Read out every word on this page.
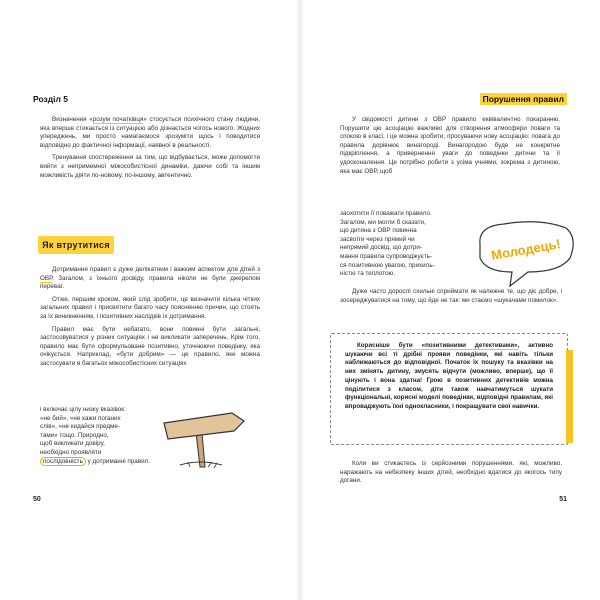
Розділ 5

Визначення «розум початківця» стосується психічного стану людини, яка вперше стикається із ситуацією або дізнається чогось нового. Жодних упереджень, ми просто намагаємося зрозуміти щось і поводитися відповідно до фактичної інформації, наявної в реальності.

Тренування спостереження за тим, що відбувається, може допомогти вийти з непримемної міжособистісної динаміки, даючи собі та іншим можливість діяти по-новому, по-іншому, автентично.

Як втрутитися

Дотримання правил є дуже делікатним і важким аспектом для дітей з ОВР. Загалом, з їхнього досвіду, правила ніколи не були джерелом переваг.

Отже, першим кроком, який слід зробити, це визначити кілька чітких загальних правил і присвятити багато часу поясненню причин, що стоять за їх виникненням, і позитивних наслідків їх дотримання.

Правил має бути небагато, вони повинні бути загальні, застосовуватися у різних ситуаціях і не викликати заперечень. Крім того, правило має бути сформульоване позитивно, уточнюючи поведінку, яка очікується. Наприклад, «бути добрим» — це правило, яке можна застосувати в багатьох міжособистісних ситуаціях

і включає цілу низку вказівок:
«не бий», «не кажи поганих
слів», «не кидайся предме-
тами» тощо. Природно,
щоб викликати довіру,
необхідно проявляти
послідовність у дотриманні правил.
50
Порушення правил

У свідомості дитини з ОВР правило еквівалентно покаранню. Порушити цю асоціацію важливо для створення атмосфери поваги та спокою в класі, і це можна зробити, просуваючи нову асоціацію: повага до правила дорівнює винагороді. Винагородою буде не конкретне підкріплення, а привернення уваги до поведінки дитини та її удосконалення. Це потрібно робити з усіма учнями, зокрема з дитиною, яка має ОВР, щоб

заохотити її поважати правило.
Загалом, ми могли б сказати,
що дитина з ОВР повинна
засвоїти через прямий чи
непрямий досвід, що дотри-
мання правила супроводжуєть-
ся позитивною увагою, прихиль-
ністю та теплотою.

Дуже часто дорослі схильні сприймати як належне те, що діє добре, і зосереджуватися на тому, що йде не так: ми стаємо «шукачами помилок».

Коли ви стикаєтесь із серйозними порушеннями, які, можливо, наражають на небезпеку інших дітей, необхідно вдатися до якогось типу догани.

51
Молодець!

Корисніше бути «позитивними детективами», активно шукаючи всі ті дрібні прояви поведінки, які навіть тільки наближаються до відповідної. Початок їх пошуку та вказівки на них змінять дитину, змусять відчути (можливо, вперше), що її цінують і вона здатна! Грою в позитивних детективів можна поділитися з класом, діти також навчатимуться шукати функціональні, корисні моделі поведінки, відповідні правилам, які впроваджують їхні однокласники, і покращувати свої навички.
